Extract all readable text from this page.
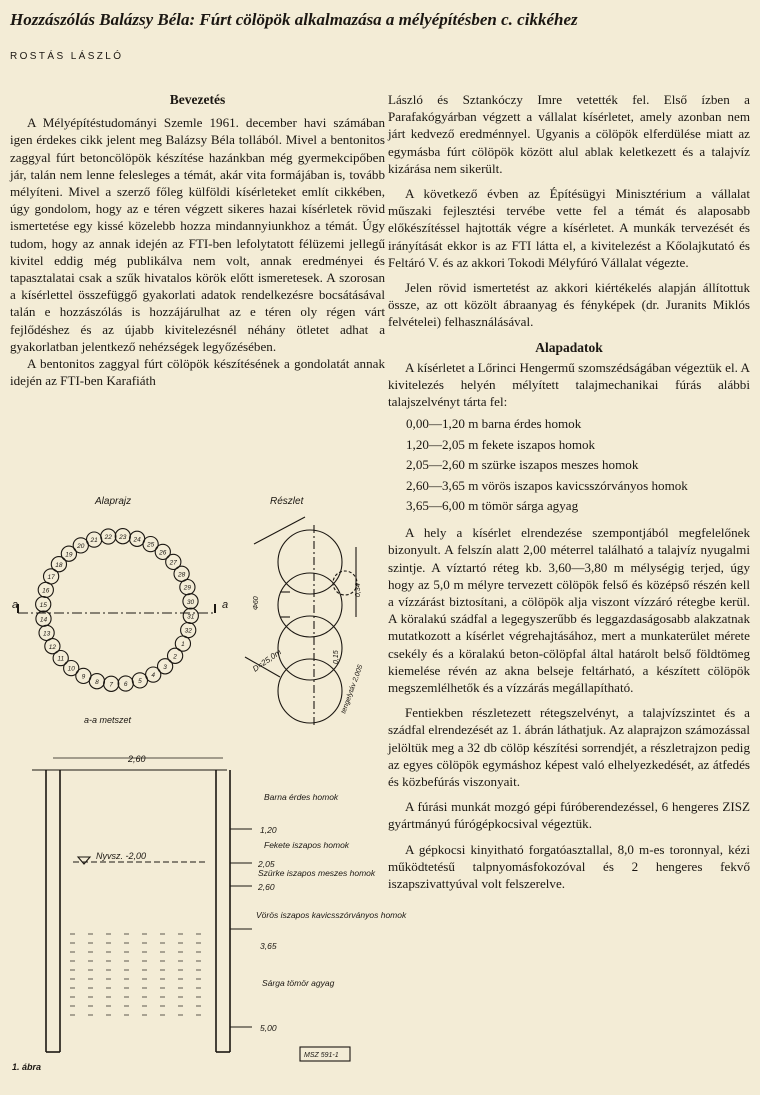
Hozzászólás Balázsy Béla: Fúrt cölöpök alkalmazása a mélyépítésben c. cikkéhez
ROSTÁS LÁSZLÓ
Bevezetés

A Mélyépítéstudományi Szemle 1961. december havi számában igen érdekes cikk jelent meg Balázsy Béla tollából. Mivel a bentonitos zaggyal fúrt betoncölöpök készítése hazánkban még gyermekcipőben jár, talán nem lenne felesleges a témát, akár vita formájában is, tovább mélyíteni. Mivel a szerző főleg külföldi kísérleteket említ cikkében, úgy gondolom, hogy az e téren végzett sikeres hazai kísérletek rövid ismertetése egy kissé közelebb hozza mindannyiunkhoz a témát. Úgy tudom, hogy az annak idején az FTI-ben lefolytatott félüzemi jellegű kivitel eddig még publikálva nem volt, annak eredményei és tapasztalatai csak a szűk hivatalos körök előtt ismeretesek. A szorosan a kísérlettel összefüggő gyakorlati adatok rendelkezésre bocsátásával talán e hozzászólás is hozzájárulhat az e téren oly régen várt fejlődéshez és az újabb kivitelezésnél néhány ötletet adhat a gyakorlatban jelentkező nehézségek legyőzésében.

A bentonitos zaggyal fúrt cölöpök készítésének a gondolatát annak idején az FTI-ben Karafiáth

László és Sztankóczy Imre vetették fel. Első ízben a Parafakógyárban végzett a vállalat kísérletet, amely azonban nem járt kedvező eredménnyel. Ugyanis a cölöpök elferdülése miatt az egymásba fúrt cölöpök között alul ablak keletkezett és a talajvíz kizárása nem sikerült.

A következő évben az Építésügyi Minisztérium a vállalat műszaki fejlesztési tervébe vette fel a témát és alaposabb előkészítéssel hajtották végre a kísérletet. A munkák tervezését és irányítását ekkor is az FTI látta el, a kivitelezést a Kőolajkutató és Feltáró V. és az akkori Tokodi Mélyfúró Vállalat végezte.

Jelen rövid ismertetést az akkori kiértékelés alapján állítottuk össze, az ott közölt ábraanyag és fényképek (dr. Juranits Miklós felvételei) felhasználásával.

Alapadatok

A kísérletet a Lőrinci Hengermű szomszédságában végeztük el. A kivitelezés helyén mélyített talajmechanikai fúrás alábbi talajszelvényt tárta fel:

0,00—1,20 m barna érdes homok
1,20—2,05 m fekete iszapos homok
2,05—2,60 m szürke iszapos meszes homok
2,60—3,65 m vörös iszapos kavicsszórványos homok
3,65—6,00 m tömör sárga agyag

A hely a kísérlet elrendezése szempontjából megfelelőnek bizonyult. A felszín alatt 2,00 méterrel található a talajvíz nyugalmi szintje. A víztartó réteg kb. 3,60—3,80 m mélységig terjed, úgy hogy az 5,0 m mélyre tervezett cölöpök felső és középső részén kell a vízzárást biztosítani, a cölöpök alja viszont vízzáró rétegbe kerül. A köralakú szádfal a legegyszerűbb és leggazdaságosabb alakzatnak mutatkozott a kísérlet végrehajtásához, mert a munkaterület mérete csekély és a köralakú beton-cölöpfal által határolt belső földtömeg kiemelése révén az akna belseje feltárható, a készített cölöpök megszemlélhetők és a vízzárás megállapítható.

Fentiekben részletezett rétegszelvényt, a talajvízszintet és a szádfal elrendezését az 1. ábrán láthatjuk. Az alaprajzon számozással jelöltük meg a 32 db cölöp készítési sorrendjét, a részletrajzon pedig az egyes cölöpök egymáshoz képest való elhelyezkedését, az átfedés és közbefúrás viszonyait.

A fúrási munkát mozgó gépi fúróberendezéssel, 6 hengeres ZISZ gyártmányú fúrógépkocsival végeztük.

A gépkocsi kinyitható forgatóasztallal, 8,0 m-es toronnyal, kézi működtetésű talpnyomásfokozóval és 2 hengeres fekvő iszapszivattyúval volt felszerelve.

Alaprajz	Részlet
a-a metszet
a	a
1
2
3
4
5
6
7
8
9
10
11
12
13
14
15
16
17
18
19
20
21 22 23 24
25
26
27
28
29
30
31
32
Φ60
0,34
D=25,0m	0,15
tengelytáv 2,005
2,60
Nyvsz. -2,00
Barna érdes homok
Fekete iszapos homok
Szürke iszapos meszes homok
Vörös iszapos kavicsszórványos homok
Sárga tömör agyag
1,20
2,05
2,60
3,65
5,00
MSZ 591-1
1. ábra
